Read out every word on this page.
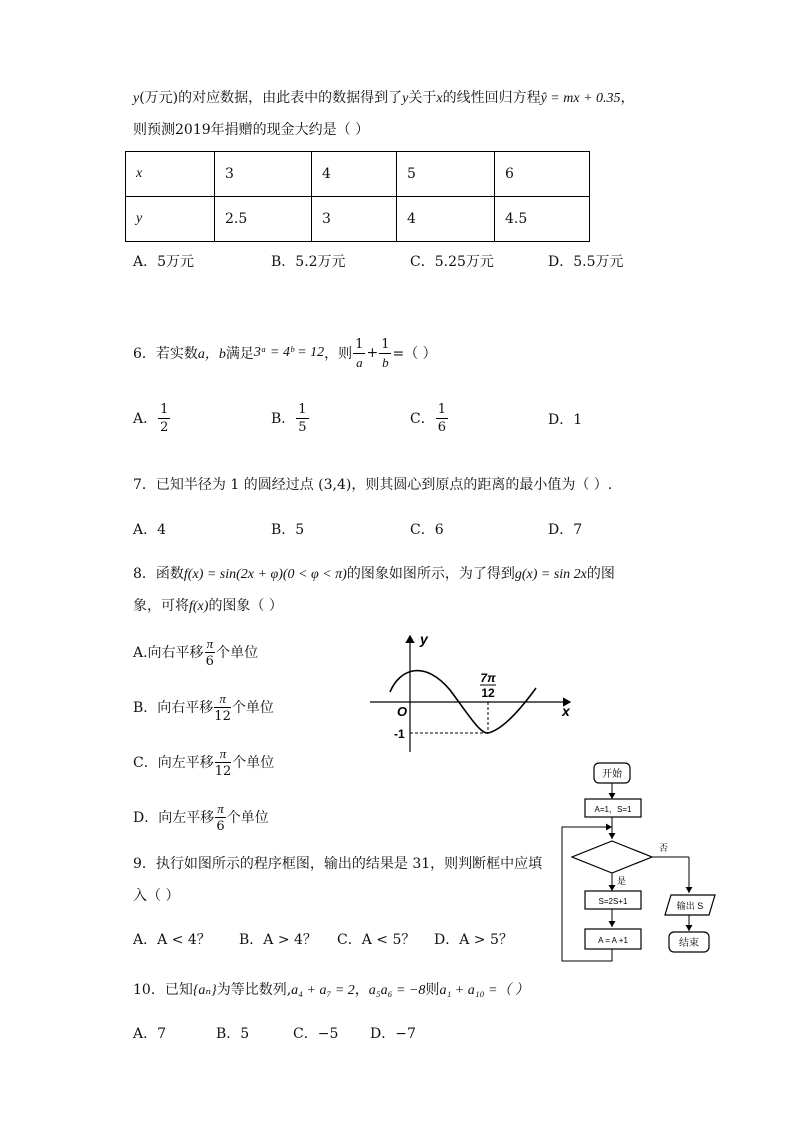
y(万元)的对应数据，由此表中的数据得到了y关于x的线性回归方程ŷ = mx + 0.35，
则预测2019年捐赠的现金大约是（ ）
x	3	4	5	6
y	2.5	3	4	4.5
A．5万元	B．5.2万元	C．5.25万元	D．5.5万元
6．若实数 a，b 满足 3ᵃ = 4ᵇ = 12 ，则 $\frac{1}{a} + \frac{1}{b}$ =（ ）
A． $\frac{1}{2}$	B． $\frac{1}{5}$	C． $\frac{1}{6}$	D．1
7．已知半径为 1 的圆经过点 (3,4)，则其圆心到原点的距离的最小值为（ ）.
A．4	B．5	C．6	D．7
8．函数f(x) = sin(2x + φ)(0 < φ < π)的图象如图所示，为了得到g(x) = sin 2x的图
象，可将f(x)的图象（ ）
A.向右平移 $\frac{\pi}{6}$ 个单位
B．向右平移 $\frac{\pi}{12}$ 个单位
C．向左平移 $\frac{\pi}{12}$ 个单位
D．向左平移 $\frac{\pi}{6}$ 个单位
y
x
O
-1
7π
12
9．执行如图所示的程序框图，输出的结果是 31，则判断框中应填
入（ ）
A．A < 4？ B．A > 4？ C．A < 5？ D．A > 5？
开始
A=1，S=1
否
是
S=2S+1
A = A +1
输出 S
结束
10．已知{aₙ}为等比数列,a₄ + a₇ = 2，a₅a₆ = −8则a₁ + a₁₀ =（ ）
A．7	B．5	C．−5 D．−7
